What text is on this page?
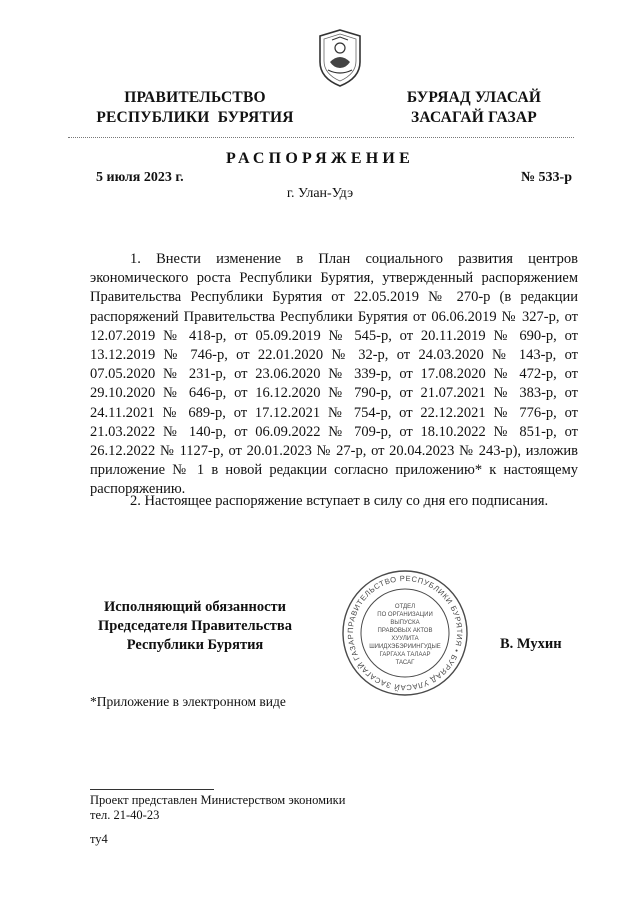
ПРАВИТЕЛЬСТВО
РЕСПУБЛИКИ  БУРЯТИЯ
БУРЯАД УЛАСАЙ
ЗАСАГАЙ ГАЗАР
РАСПОРЯЖЕНИЕ
5 июля 2023 г.	№ 533-р
г. Улан-Удэ

1. Внести изменение в План социального развития центров экономического роста Республики Бурятия, утвержденный распоряжением Правительства Республики Бурятия от 22.05.2019 № 270-р (в редакции распоряжений Правительства Республики Бурятия от 06.06.2019 № 327-р, от 12.07.2019 № 418-р, от 05.09.2019 № 545-р, от 20.11.2019 № 690-р, от 13.12.2019 № 746-р, от 22.01.2020 № 32-р, от 24.03.2020 № 143-р, от 07.05.2020 № 231-р, от 23.06.2020 № 339-р, от 17.08.2020 № 472-р, от 29.10.2020 № 646-р, от 16.12.2020 № 790-р, от 21.07.2021 № 383-р, от 24.11.2021 № 689-р, от 17.12.2021 № 754-р, от 22.12.2021 № 776-р, от 21.03.2022 № 140-р, от 06.09.2022 № 709-р, от 18.10.2022 № 851-р, от 26.12.2022 № 1127-р, от 20.01.2023 № 27-р, от 20.04.2023 № 243-р), изложив приложение № 1 в новой редакции согласно приложению* к настоящему распоряжению.

2. Настоящее распоряжение вступает в силу со дня его подписания.

Исполняющий обязанности
Председателя Правительства
Республики Бурятия
ПРАВИТЕЛЬСТВО РЕСПУБЛИКИ БУРЯТИЯ • БУРЯАД УЛАСАЙ ЗАСАГАЙ ГАЗАР
ОТДЕЛ
ПО ОРГАНИЗАЦИИ
ВЫПУСКА
ПРАВОВЫХ АКТОВ
ХУУЛИТА
ШИИДХЭБЭРИИНГУДЫЕ
ГАРГАХА ТАЛААР
ТАСАГ
В. Мухин
*Приложение в электронном виде
Проект представлен Министерством экономики
тел. 21-40-23
ту4
